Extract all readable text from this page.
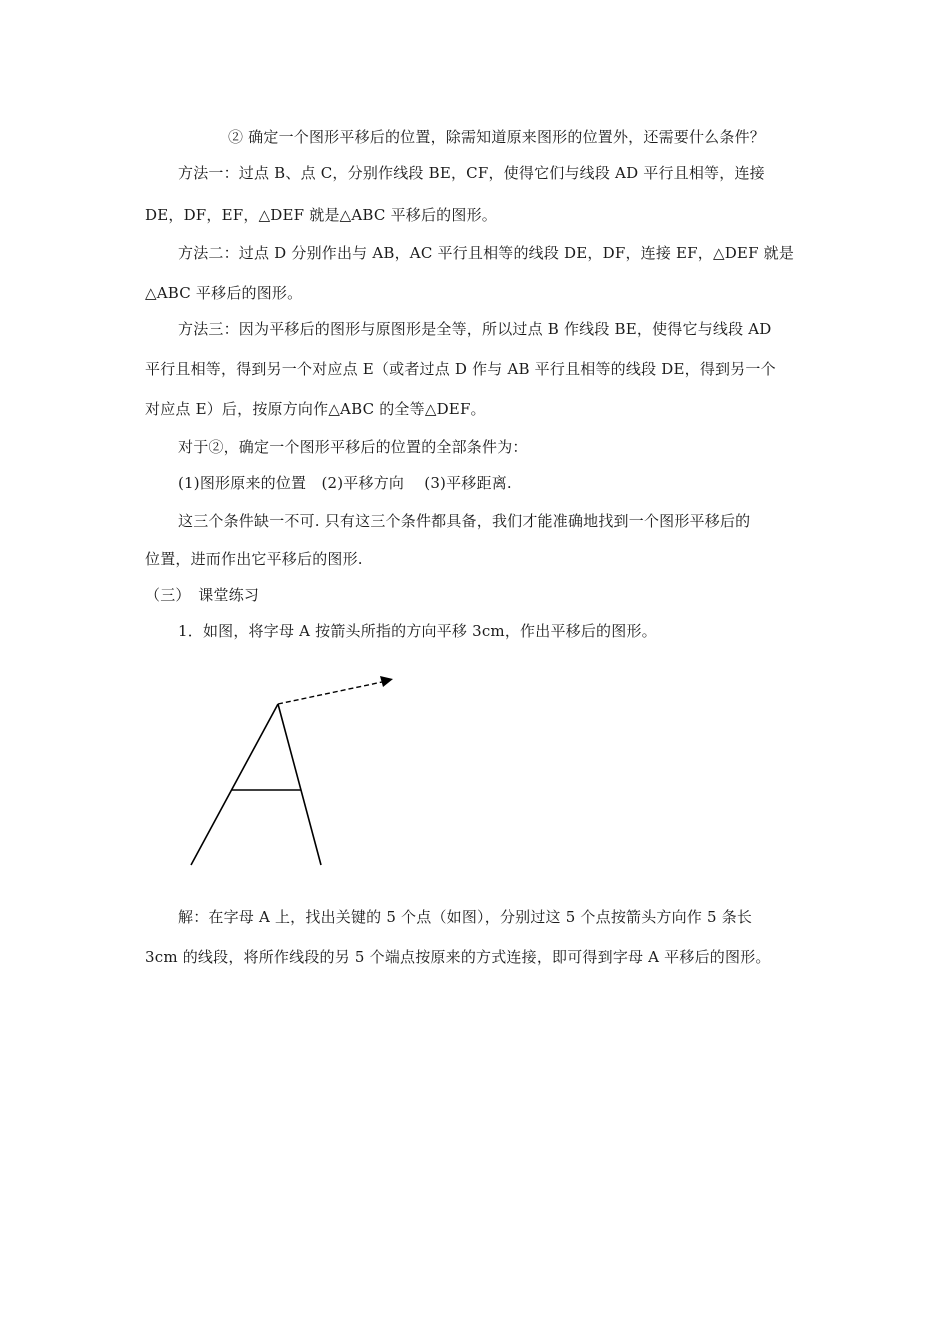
② 确定一个图形平移后的位置，除需知道原来图形的位置外，还需要什么条件？
方法一：过点 B、点 C，分别作线段 BE，CF，使得它们与线段 AD 平行且相等，连接
DE，DF，EF，△DEF 就是△ABC 平移后的图形。
方法二：过点 D 分别作出与 AB，AC 平行且相等的线段 DE，DF，连接 EF，△DEF 就是
△ABC 平移后的图形。
方法三：因为平移后的图形与原图形是全等，所以过点 B 作线段 BE，使得它与线段 AD
平行且相等，得到另一个对应点 E（或者过点 D 作与 AB 平行且相等的线段 DE，得到另一个
对应点 E）后，按原方向作△ABC 的全等△DEF。
对于②，确定一个图形平移后的位置的全部条件为：
(1)图形原来的位置　(2)平移方向　 (3)平移距离.
这三个条件缺一不可. 只有这三个条件都具备，我们才能准确地找到一个图形平移后的
位置，进而作出它平移后的图形.
（三）　课堂练习
1．如图，将字母 A 按箭头所指的方向平移 3cm，作出平移后的图形。
解：在字母 A 上，找出关键的 5 个点（如图），分别过这 5 个点按箭头方向作 5 条长
3cm 的线段，将所作线段的另 5 个端点按原来的方式连接，即可得到字母 A 平移后的图形。
